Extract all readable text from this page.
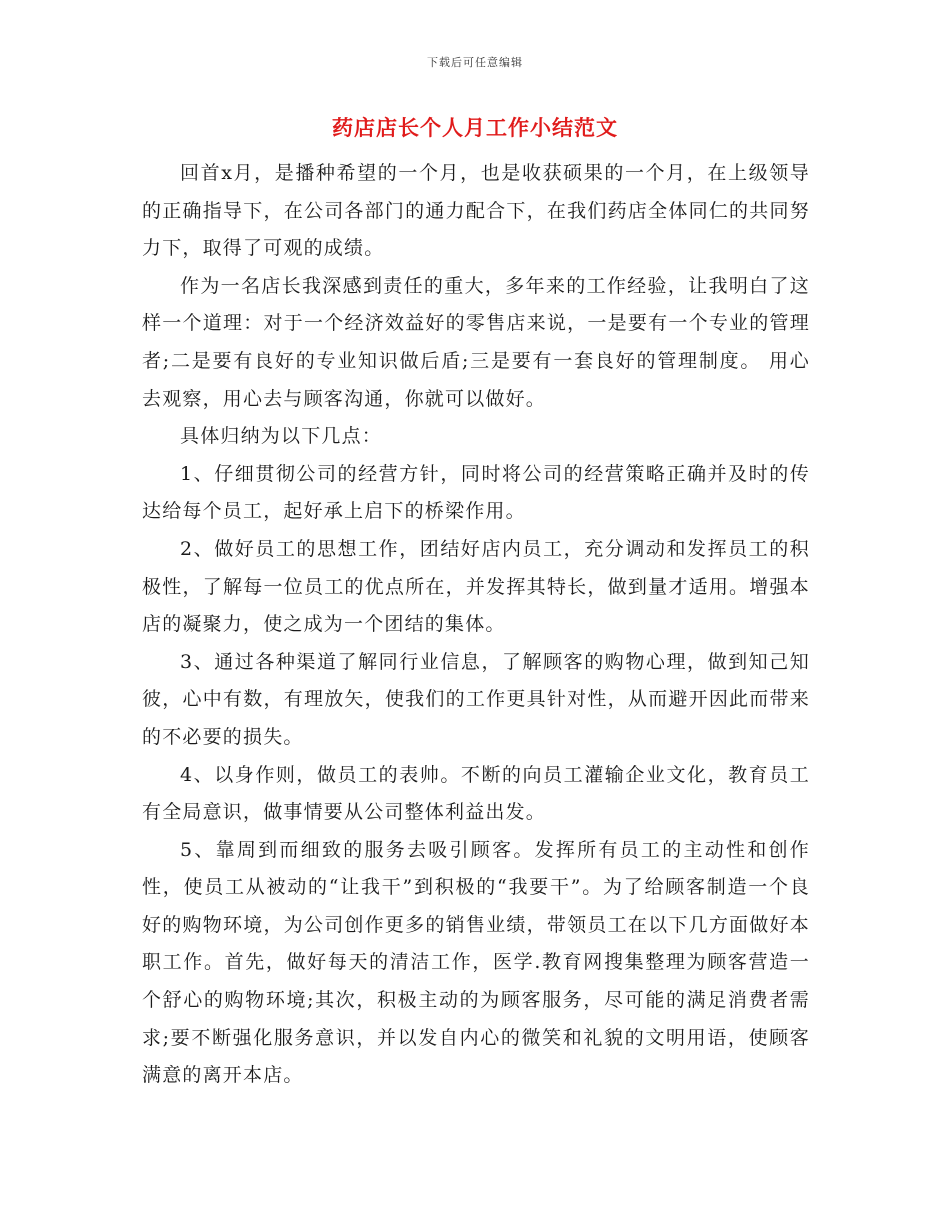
下载后可任意编辑
药店店长个人月工作小结范文

回首x月，是播种希望的一个月，也是收获硕果的一个月，在上级领导的正确指导下，在公司各部门的通力配合下，在我们药店全体同仁的共同努力下，取得了可观的成绩。

作为一名店长我深感到责任的重大，多年来的工作经验，让我明白了这样一个道理：对于一个经济效益好的零售店来说，一是要有一个专业的管理者;二是要有良好的专业知识做后盾;三是要有一套良好的管理制度。 用心去观察，用心去与顾客沟通，你就可以做好。

具体归纳为以下几点：

1、仔细贯彻公司的经营方针，同时将公司的经营策略正确并及时的传达给每个员工，起好承上启下的桥梁作用。

2、做好员工的思想工作，团结好店内员工，充分调动和发挥员工的积极性，了解每一位员工的优点所在，并发挥其特长，做到量才适用。增强本店的凝聚力，使之成为一个团结的集体。

3、通过各种渠道了解同行业信息，了解顾客的购物心理，做到知己知彼，心中有数，有理放矢，使我们的工作更具针对性，从而避开因此而带来的不必要的损失。

4、以身作则，做员工的表帅。不断的向员工灌输企业文化，教育员工有全局意识，做事情要从公司整体利益出发。

5、靠周到而细致的服务去吸引顾客。发挥所有员工的主动性和创作性，使员工从被动的“让我干”到积极的“我要干”。为了给顾客制造一个良好的购物环境，为公司创作更多的销售业绩，带领员工在以下几方面做好本职工作。首先，做好每天的清洁工作，医学.教育网搜集整理为顾客营造一个舒心的购物环境;其次，积极主动的为顾客服务，尽可能的满足消费者需求;要不断强化服务意识，并以发自内心的微笑和礼貌的文明用语，使顾客满意的离开本店。
